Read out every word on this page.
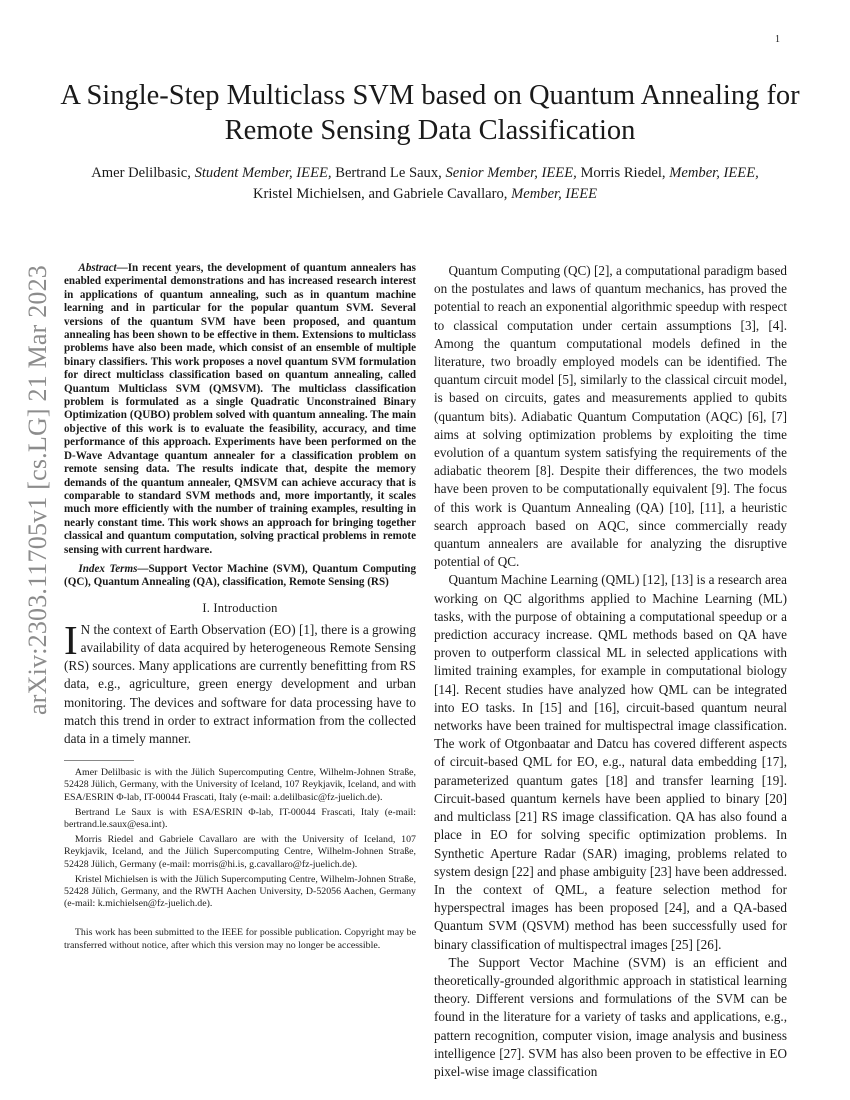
1
arXiv:2303.11705v1 [cs.LG] 21 Mar 2023
A Single-Step Multiclass SVM based on Quantum Annealing for Remote Sensing Data Classification
Amer Delilbasic, Student Member, IEEE, Bertrand Le Saux, Senior Member, IEEE, Morris Riedel, Member, IEEE,
Kristel Michielsen, and Gabriele Cavallaro, Member, IEEE

Abstract—In recent years, the development of quantum annealers has enabled experimental demonstrations and has increased research interest in applications of quantum annealing, such as in quantum machine learning and in particular for the popular quantum SVM. Several versions of the quantum SVM have been proposed, and quantum annealing has been shown to be effective in them. Extensions to multiclass problems have also been made, which consist of an ensemble of multiple binary classifiers. This work proposes a novel quantum SVM formulation for direct multiclass classification based on quantum annealing, called Quantum Multiclass SVM (QMSVM). The multiclass classification problem is formulated as a single Quadratic Unconstrained Binary Optimization (QUBO) problem solved with quantum annealing. The main objective of this work is to evaluate the feasibility, accuracy, and time performance of this approach. Experiments have been performed on the D-Wave Advantage quantum annealer for a classification problem on remote sensing data. The results indicate that, despite the memory demands of the quantum annealer, QMSVM can achieve accuracy that is comparable to standard SVM methods and, more importantly, it scales much more efficiently with the number of training examples, resulting in nearly constant time. This work shows an approach for bringing together classical and quantum computation, solving practical problems in remote sensing with current hardware.

Index Terms—Support Vector Machine (SVM), Quantum Computing (QC), Quantum Annealing (QA), classification, Remote Sensing (RS)

I. Introduction

I N the context of Earth Observation (EO) [1], there is a growing availability of data acquired by heterogeneous Remote Sensing (RS) sources. Many applications are currently benefitting from RS data, e.g., agriculture, green energy development and urban monitoring. The devices and software for data processing have to match this trend in order to extract information from the collected data in a timely manner.

Amer Delilbasic is with the Jülich Supercomputing Centre, Wilhelm-Johnen Straße, 52428 Jülich, Germany, with the University of Iceland, 107 Reykjavik, Iceland, and with ESA/ESRIN Φ-lab, IT-00044 Frascati, Italy (e-mail: a.delilbasic@fz-juelich.de).

Bertrand Le Saux is with ESA/ESRIN Φ-lab, IT-00044 Frascati, Italy (e-mail: bertrand.le.saux@esa.int).

Morris Riedel and Gabriele Cavallaro are with the University of Iceland, 107 Reykjavik, Iceland, and the Jülich Supercomputing Centre, Wilhelm-Johnen Straße, 52428 Jülich, Germany (e-mail: morris@hi.is, g.cavallaro@fz-juelich.de).

Kristel Michielsen is with the Jülich Supercomputing Centre, Wilhelm-Johnen Straße, 52428 Jülich, Germany, and the RWTH Aachen University, D-52056 Aachen, Germany (e-mail: k.michielsen@fz-juelich.de).

This work has been submitted to the IEEE for possible publication. Copyright may be transferred without notice, after which this version may no longer be accessible.

Quantum Computing (QC) [2], a computational paradigm based on the postulates and laws of quantum mechanics, has proved the potential to reach an exponential algorithmic speedup with respect to classical computation under certain assumptions [3], [4]. Among the quantum computational models defined in the literature, two broadly employed models can be identified. The quantum circuit model [5], similarly to the classical circuit model, is based on circuits, gates and measurements applied to qubits (quantum bits). Adiabatic Quantum Computation (AQC) [6], [7] aims at solving optimization problems by exploiting the time evolution of a quantum system satisfying the requirements of the adiabatic theorem [8]. Despite their differences, the two models have been proven to be computationally equivalent [9]. The focus of this work is Quantum Annealing (QA) [10], [11], a heuristic search approach based on AQC, since commercially ready quantum annealers are available for analyzing the disruptive potential of QC.

Quantum Machine Learning (QML) [12], [13] is a research area working on QC algorithms applied to Machine Learning (ML) tasks, with the purpose of obtaining a computational speedup or a prediction accuracy increase. QML methods based on QA have proven to outperform classical ML in selected applications with limited training examples, for example in computational biology [14]. Recent studies have analyzed how QML can be integrated into EO tasks. In [15] and [16], circuit-based quantum neural networks have been trained for multispectral image classification. The work of Otgonbaatar and Datcu has covered different aspects of circuit-based QML for EO, e.g., natural data embedding [17], parameterized quantum gates [18] and transfer learning [19]. Circuit-based quantum kernels have been applied to binary [20] and multiclass [21] RS image classification. QA has also found a place in EO for solving specific optimization problems. In Synthetic Aperture Radar (SAR) imaging, problems related to system design [22] and phase ambiguity [23] have been addressed. In the context of QML, a feature selection method for hyperspectral images has been proposed [24], and a QA-based Quantum SVM (QSVM) method has been successfully used for binary classification of multispectral images [25] [26].

The Support Vector Machine (SVM) is an efficient and theoretically-grounded algorithmic approach in statistical learning theory. Different versions and formulations of the SVM can be found in the literature for a variety of tasks and applications, e.g., pattern recognition, computer vision, image analysis and business intelligence [27]. SVM has also been proven to be effective in EO pixel-wise image classification
